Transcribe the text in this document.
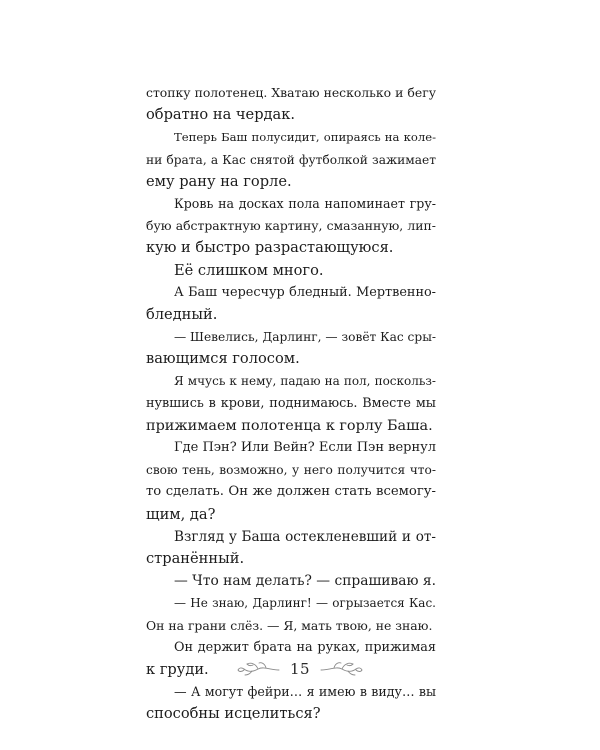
стопку полотенец. Хватаю несколько и бегу
обратно на чердак.
Теперь Баш полусидит, опираясь на коле-
ни брата, а Кас снятой футболкой зажимает
ему рану на горле.
Кровь на досках пола напоминает гру-
бую абстрактную картину, смазанную, лип-
кую и быстро разрастающуюся.
Её слишком много.
А Баш чересчур бледный. Мертвенно-
бледный.
— Шевелись, Дарлинг, — зовёт Кас сры-
вающимся голосом.
Я мчусь к нему, падаю на пол, поскольз-
нувшись в крови, поднимаюсь. Вместе мы
прижимаем полотенца к горлу Баша.
Где Пэн? Или Вейн? Если Пэн вернул
свою тень, возможно, у него получится что-
то сделать. Он же должен стать всемогу-
щим, да?
Взгляд у Баша остекленевший и от-
странённый.
— Что нам делать? — спрашиваю я.
— Не знаю, Дарлинг! — огрызается Кас.
Он на грани слёз. — Я, мать твою, не знаю.
Он держит брата на руках, прижимая
к груди.
— А могут фейри… я имею в виду… вы
способны исцелиться?
15
